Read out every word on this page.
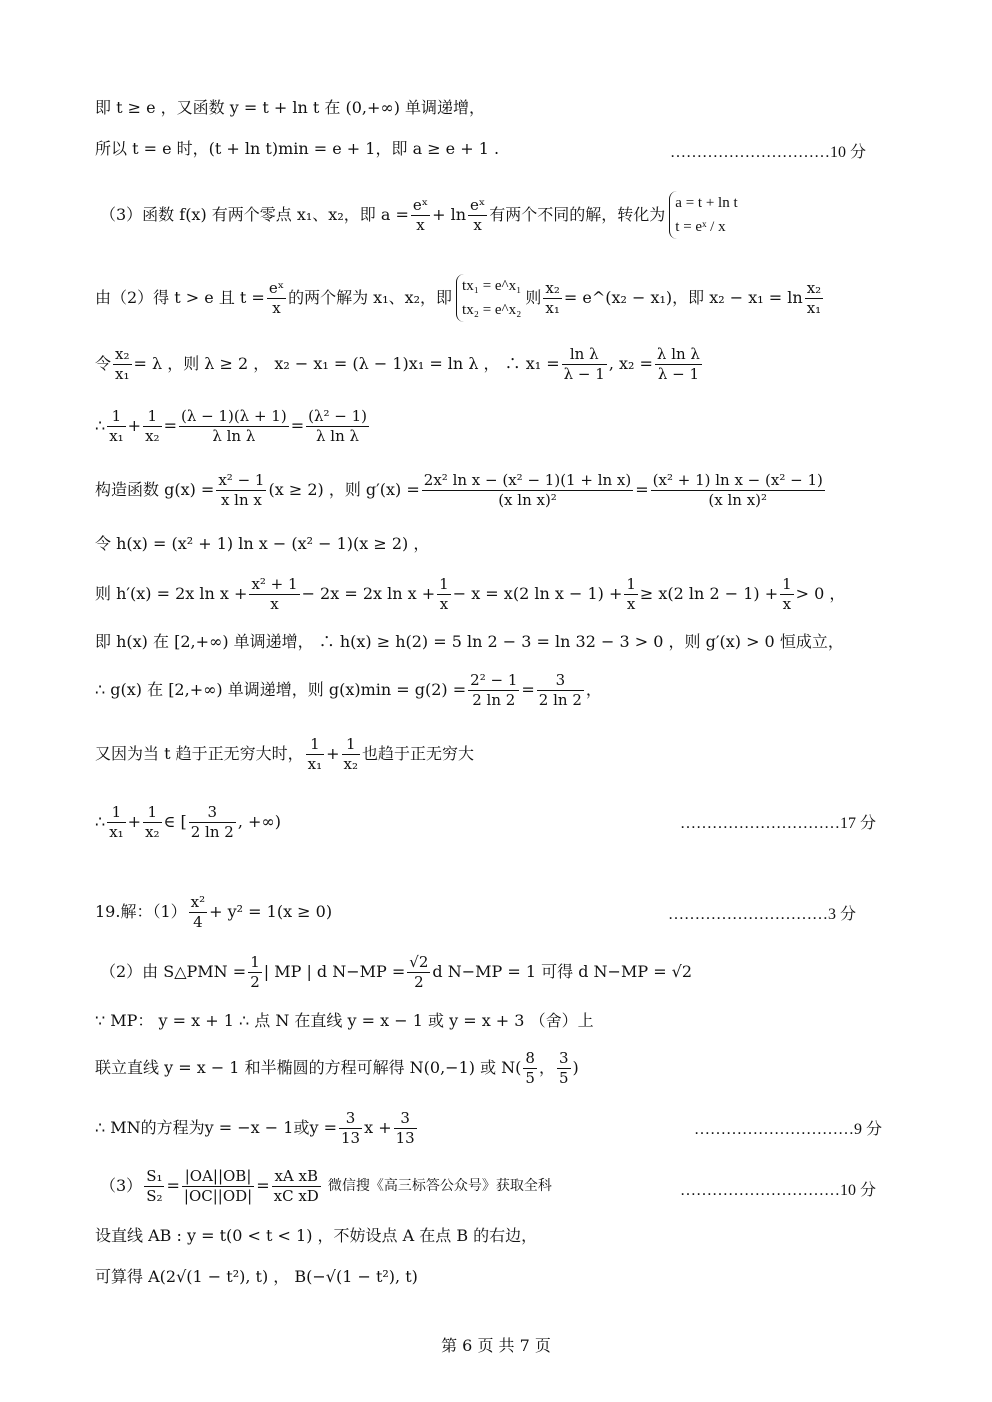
即 t ≥ e ，又函数 y = t + ln t 在 (0,+∞) 单调递增，
所以 t = e 时，(t + ln t)min = e + 1，即 a ≥ e + 1 .	…………………………10 分
（3）函数 f(x) 有两个零点 x₁、x₂，即 $a = \frac{\text{eˣ}}{x}$ +
$\ln \frac{\text{eˣ}}{x}$ 有两个不同的解，转化为
a = t + ln t
t = eˣ / x
由（2）得 t > e 且 $t = \frac{\text{eˣ}}{x}$ 的两个解为 x₁、x₂，即
tx₁ = e^x₁
tx₂ = e^x₂
则 $\frac{\text{x₂}}{\text{x₁}}$ =
e^(x₂ − x₁) ，即 $x_2 - x_1 = \ln \frac{\text{x₂}}{\text{x₁}}$
令 $\frac{\text{x₂}}{\text{x₁}} = \lambda$ ，则 λ ≥ 2 ， x₂ − x₁ = (λ − 1)x₁ = ln λ ， ∴ $x_1 = \frac{\text{ln λ}}{\lambda - 1}$ , $x_2 = \frac{\text{λ ln λ}}{\lambda - 1}$
∴ $\frac{1}{\text{x₁}} + \frac{1}{\text{x₂}} = \frac{(\lambda - 1)(\lambda + 1)}{\text{λ ln λ}} = \frac{\text{(λ² − 1)}}{\text{λ ln λ}}$
构造函数 $g(x) = \frac{\text{x² − 1}}{\text{x ln x}} (x \ge 2)$ ，则 $g'(x) = \frac{\text{2x² ln x − (x² − 1)(1 + ln x)}}{\text{(x ln x)²}} = \frac{\text{(x² + 1) ln x − (x² − 1)}}{\text{(x ln x)²}}$
令 h(x) = (x² + 1) ln x − (x² − 1)(x ≥ 2) ，
则 h′(x) = 2x $\ln x + \frac{\text{x² + 1}}{x} - 2x = 2x$ $\ln x + \frac{1}{x} - x = x(2$ $\ln x - 1) + \frac{1}{x} \ge x(2$ $\ln 2 - 1) + \frac{1}{x} > 0$ ，
即 h(x) 在 [2,+∞) 单调递增， ∴ h(x) ≥ h(2) = 5 ln 2 − 3 = ln 32 − 3 > 0 ，则 g′(x) > 0 恒成立，
∴ g(x) 在 [2,+∞) 单调递增，则 $g(x)\min = g(2) = \frac{\text{2² − 1}}{2 \ln 2} = \frac{3}{2 \ln 2}$ ，
又因为当 t 趋于正无穷大时， $\frac{1}{\text{x₁}} + \frac{1}{\text{x₂}}$ 也趋于正无穷大
∴ $\frac{1}{\text{x₁}} + \frac{1}{\text{x₂}}$ ∈ [ $\frac{3}{2 \ln 2}$ , +∞)	…………………………17 分
19.解：$(1) \frac{\text{x²}}{4} + y^2 = 1(x \ge 0)$	…………………………3 分
（2）由 S△PMN = $\frac{1}{2}$ | MP | d $N-MP = \frac{√2}{2}$ d N−MP = 1 可得 d N−MP = √2
∵ MP： y = x + 1 ∴ 点 N 在直线 y = x − 1 或 y = x + 3 （舍）上
联立直线 y = x − 1 和半椭圆的方程可解得 N(0,−1) 或 $N( \frac{8}{5}$ ， $\frac{3}{5}$ )
∴ MN的方程为y = −x − 1或$y = \frac{3}{13}$ $x + \frac{3}{13}$	…………………………9 分
$(3) \frac{\text{S₁}}{\text{S₂}} = \frac{|OA||OB|}{|OC||OD|} = \frac{\text{xA xB}}{\text{xC xD}}$
微信搜《高三标答公众号》获取全科	…………………………10 分
设直线 AB : y = t(0 < t < 1) ，不妨设点 A 在点 B 的右边，
可算得 A(2√(1 − t²), t) ， B(−√(1 − t²), t)
第 6 页 共 7 页
